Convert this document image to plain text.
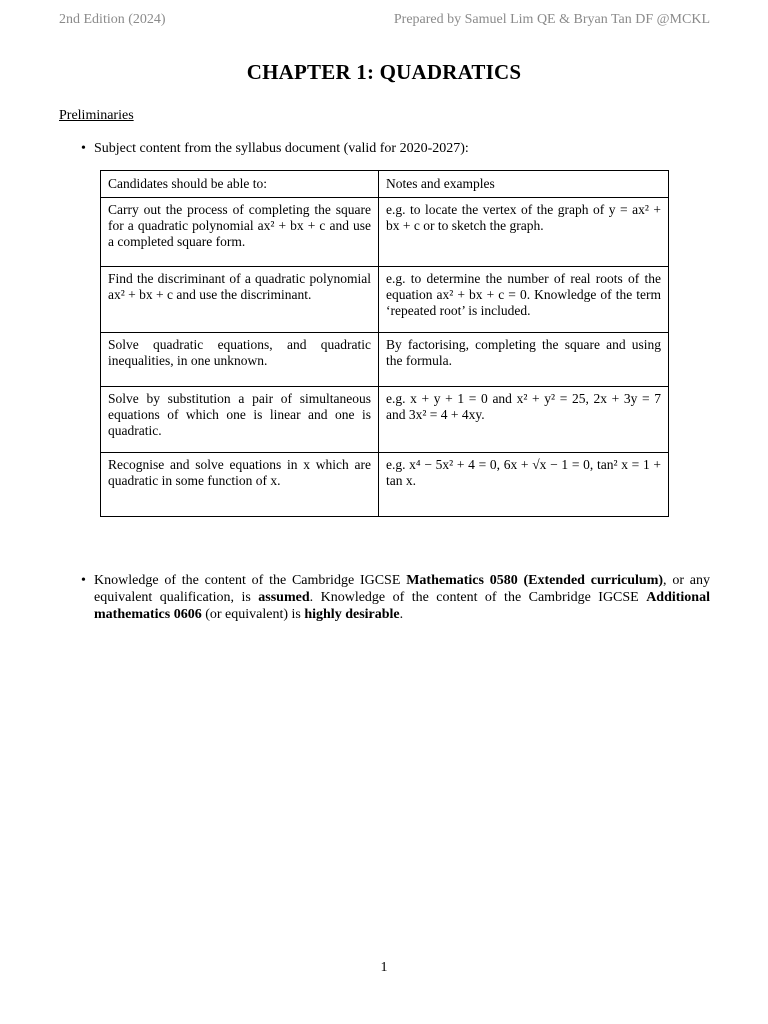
2nd Edition (2024)	Prepared by Samuel Lim QE & Bryan Tan DF @MCKL
CHAPTER 1: QUADRATICS
Preliminaries
• Subject content from the syllabus document (valid for 2020-2027):
Candidates should be able to:	Notes and examples
Carry out the process of completing the square for a quadratic polynomial ax² + bx + c and use a completed square form.	e.g. to locate the vertex of the graph of y = ax² + bx + c or to sketch the graph.
Find the discriminant of a quadratic polynomial ax² + bx + c and use the discriminant.	e.g. to determine the number of real roots of the equation ax² + bx + c = 0. Knowledge of the term ‘repeated root’ is included.
Solve quadratic equations, and quadratic inequalities, in one unknown.	By factorising, completing the square and using the formula.
Solve by substitution a pair of simultaneous equations of which one is linear and one is quadratic.	e.g. x + y + 1 = 0 and x² + y² = 25, 2x + 3y = 7 and 3x² = 4 + 4xy.
Recognise and solve equations in x which are quadratic in some function of x.	e.g. x⁴ − 5x² + 4 = 0, 6x + √x − 1 = 0, tan² x = 1 + tan x.
• Knowledge of the content of the Cambridge IGCSE Mathematics 0580 (Extended curriculum), or any equivalent qualification, is assumed. Knowledge of the content of the Cambridge IGCSE Additional mathematics 0606 (or equivalent) is highly desirable.
1
